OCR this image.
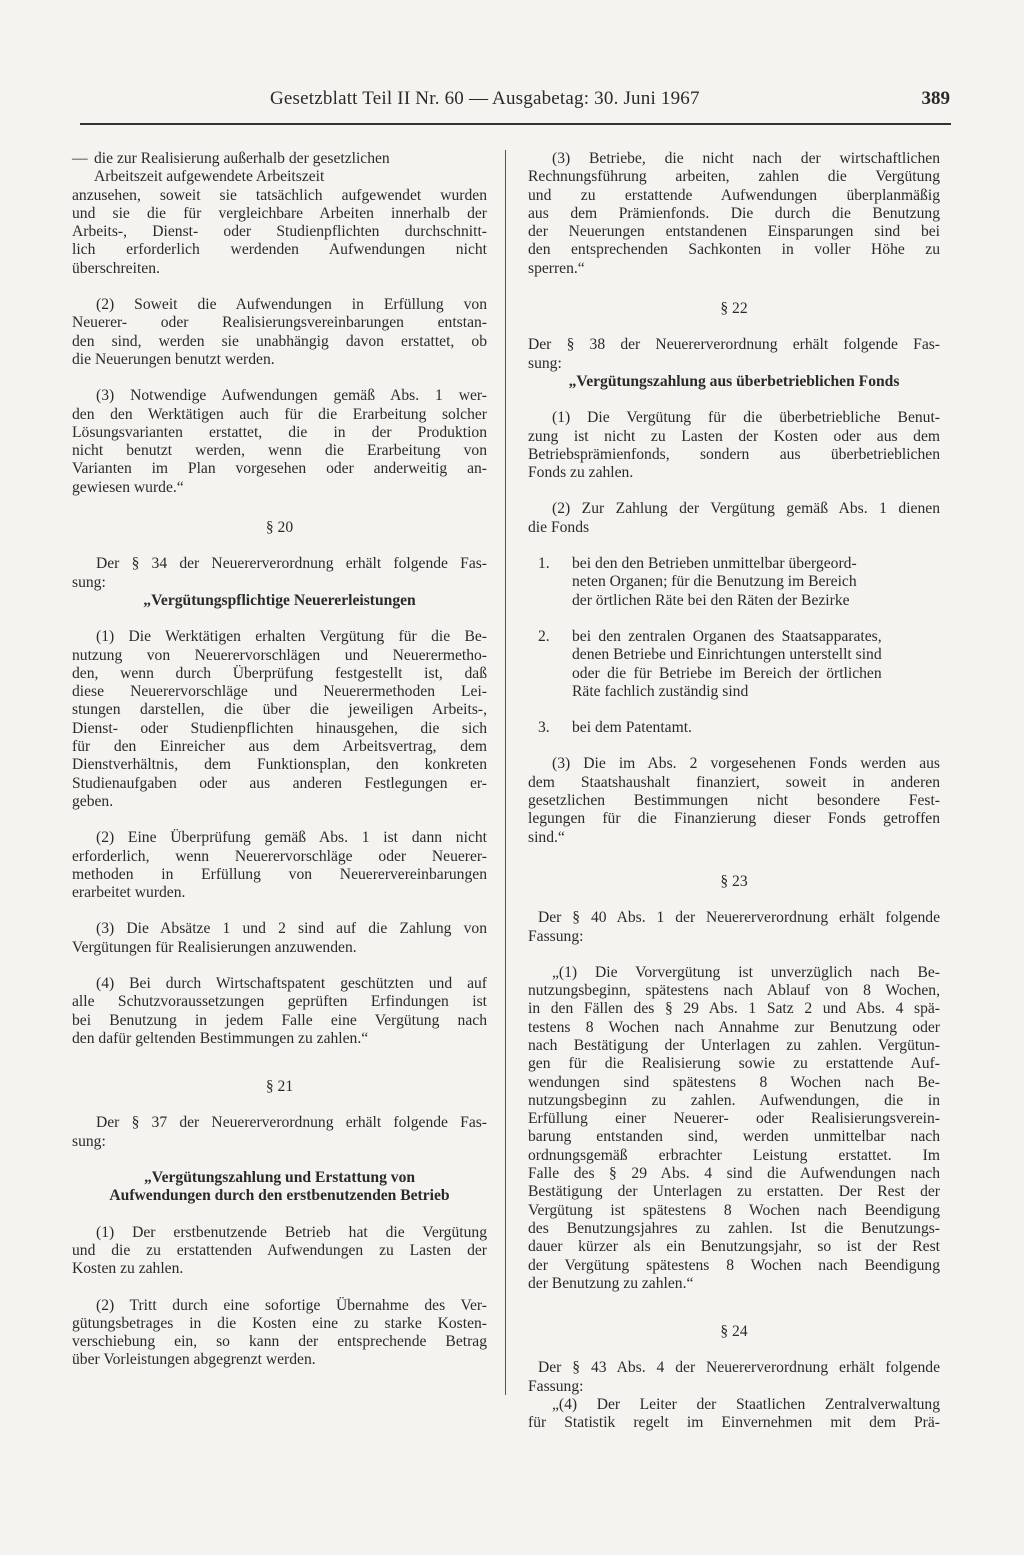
Gesetzblatt Teil II Nr. 60 — Ausgabetag: 30. Juni 1967	389
— die zur Realisierung außerhalb der gesetzlichen
Arbeitszeit aufgewendete Arbeitszeit
anzusehen, soweit sie tatsächlich aufgewendet wurden
und sie die für vergleichbare Arbeiten innerhalb der
Arbeits-, Dienst- oder Studienpflichten durchschnitt-
lich erforderlich werdenden Aufwendungen nicht
überschreiten.
(2) Soweit die Aufwendungen in Erfüllung von
Neuerer- oder Realisierungsvereinbarungen entstan-
den sind, werden sie unabhängig davon erstattet, ob
die Neuerungen benutzt werden.
(3) Notwendige Aufwendungen gemäß Abs. 1 wer-
den den Werktätigen auch für die Erarbeitung solcher
Lösungsvarianten erstattet, die in der Produktion
nicht benutzt werden, wenn die Erarbeitung von
Varianten im Plan vorgesehen oder anderweitig an-
gewiesen wurde.“
§ 20
Der § 34 der Neuererverordnung erhält folgende Fas-
sung:

„Vergütungspflichtige Neuererleistungen

(1) Die Werktätigen erhalten Vergütung für die Be-
nutzung von Neuerervorschlägen und Neuerermetho-
den, wenn durch Überprüfung festgestellt ist, daß
diese Neuerervorschläge und Neuerermethoden Lei-
stungen darstellen, die über die jeweiligen Arbeits-,
Dienst- oder Studienpflichten hinausgehen, die sich
für den Einreicher aus dem Arbeitsvertrag, dem
Dienstverhältnis, dem Funktionsplan, den konkreten
Studienaufgaben oder aus anderen Festlegungen er-
geben.
(2) Eine Überprüfung gemäß Abs. 1 ist dann nicht
erforderlich, wenn Neuerervorschläge oder Neuerer-
methoden in Erfüllung von Neuerervereinbarungen
erarbeitet wurden.
(3) Die Absätze 1 und 2 sind auf die Zahlung von
Vergütungen für Realisierungen anzuwenden.
(4) Bei durch Wirtschaftspatent geschützten und auf
alle Schutzvoraussetzungen geprüften Erfindungen ist
bei Benutzung in jedem Falle eine Vergütung nach
den dafür geltenden Bestimmungen zu zahlen.“
§ 21
Der § 37 der Neuererverordnung erhält folgende Fas-
sung:

„Vergütungszahlung und Erstattung von

Aufwendungen durch den erstbenutzenden Betrieb

(1) Der erstbenutzende Betrieb hat die Vergütung
und die zu erstattenden Aufwendungen zu Lasten der
Kosten zu zahlen.
(2) Tritt durch eine sofortige Übernahme des Ver-
gütungsbetrages in die Kosten eine zu starke Kosten-
verschiebung ein, so kann der entsprechende Betrag
über Vorleistungen abgegrenzt werden.
(3) Betriebe, die nicht nach der wirtschaftlichen
Rechnungsführung arbeiten, zahlen die Vergütung
und zu erstattende Aufwendungen überplanmäßig
aus dem Prämienfonds. Die durch die Benutzung
der Neuerungen entstandenen Einsparungen sind bei
den entsprechenden Sachkonten in voller Höhe zu
sperren.“
§ 22
Der § 38 der Neuererverordnung erhält folgende Fas-
sung:

„Vergütungszahlung aus überbetrieblichen Fonds

(1) Die Vergütung für die überbetriebliche Benut-
zung ist nicht zu Lasten der Kosten oder aus dem
Betriebsprämienfonds, sondern aus überbetrieblichen
Fonds zu zahlen.
(2) Zur Zahlung der Vergütung gemäß Abs. 1 dienen
die Fonds
1.	bei den den Betrieben unmittelbar übergeord-
neten Organen; für die Benutzung im Bereich
der örtlichen Räte bei den Räten der Bezirke
2.	bei den zentralen Organen des Staatsapparates,
denen Betriebe und Einrichtungen unterstellt sind
oder die für Betriebe im Bereich der örtlichen
Räte fachlich zuständig sind
3.	bei dem Patentamt.
(3) Die im Abs. 2 vorgesehenen Fonds werden aus
dem Staatshaushalt finanziert, soweit in anderen
gesetzlichen Bestimmungen nicht besondere Fest-
legungen für die Finanzierung dieser Fonds getroffen
sind.“
§ 23
Der § 40 Abs. 1 der Neuererverordnung erhält folgende
Fassung:
„(1) Die Vorvergütung ist unverzüglich nach Be-
nutzungsbeginn, spätestens nach Ablauf von 8 Wochen,
in den Fällen des § 29 Abs. 1 Satz 2 und Abs. 4 spä-
testens 8 Wochen nach Annahme zur Benutzung oder
nach Bestätigung der Unterlagen zu zahlen. Vergütun-
gen für die Realisierung sowie zu erstattende Auf-
wendungen sind spätestens 8 Wochen nach Be-
nutzungsbeginn zu zahlen. Aufwendungen, die in
Erfüllung einer Neuerer- oder Realisierungsverein-
barung entstanden sind, werden unmittelbar nach
ordnungsgemäß erbrachter Leistung erstattet. Im
Falle des § 29 Abs. 4 sind die Aufwendungen nach
Bestätigung der Unterlagen zu erstatten. Der Rest der
Vergütung ist spätestens 8 Wochen nach Beendigung
des Benutzungsjahres zu zahlen. Ist die Benutzungs-
dauer kürzer als ein Benutzungsjahr, so ist der Rest
der Vergütung spätestens 8 Wochen nach Beendigung
der Benutzung zu zahlen.“
§ 24
Der § 43 Abs. 4 der Neuererverordnung erhält folgende
Fassung:
„(4) Der Leiter der Staatlichen Zentralverwaltung
für Statistik regelt im Einvernehmen mit dem Prä-
